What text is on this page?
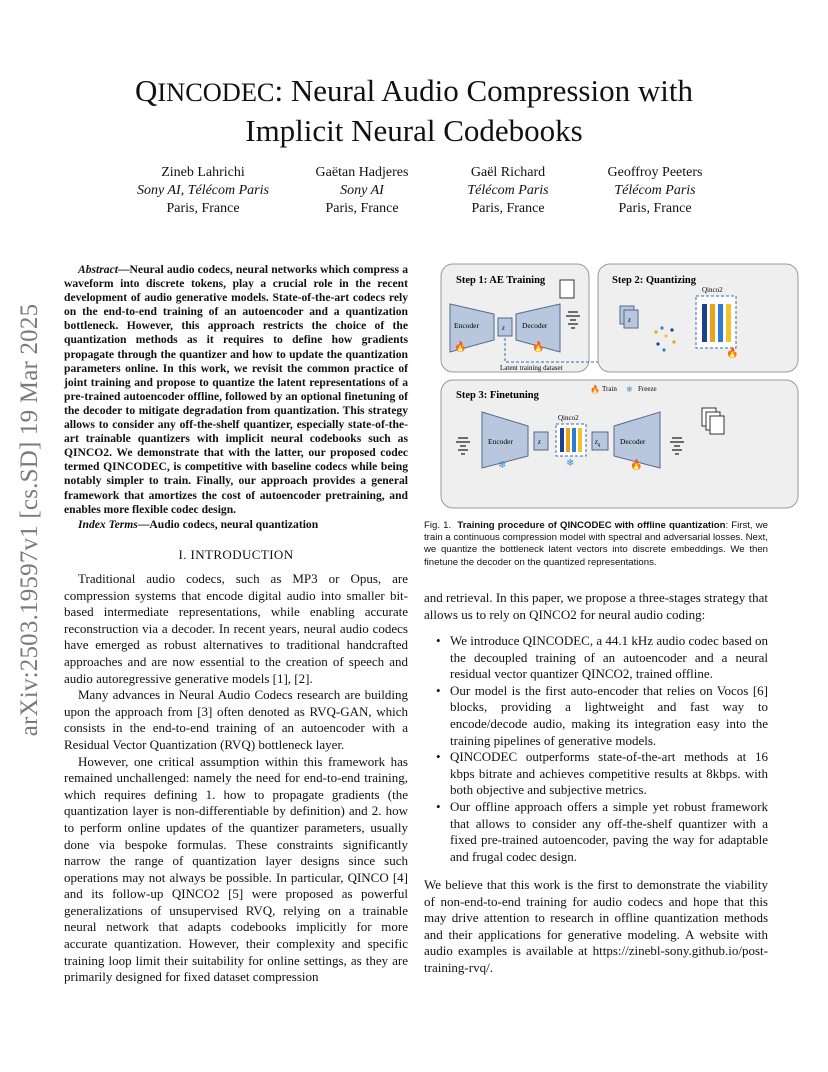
arXiv:2503.19597v1 [cs.SD] 19 Mar 2025
QINCODEC: Neural Audio Compression with
Implicit Neural Codebooks
Zineb Lahrichi
Sony AI, Télécom Paris
Paris, France
Gaëtan Hadjeres
Sony AI
Paris, France
Gaël Richard
Télécom Paris
Paris, France
Geoffroy Peeters
Télécom Paris
Paris, France
Abstract—Neural audio codecs, neural networks which compress a waveform into discrete tokens, play a crucial role in the recent development of audio generative models. State-of-the-art codecs rely on the end-to-end training of an autoencoder and a quantization bottleneck. However, this approach restricts the choice of the quantization methods as it requires to define how gradients propagate through the quantizer and how to update the quantization parameters online. In this work, we revisit the common practice of joint training and propose to quantize the latent representations of a pre-trained autoencoder offline, followed by an optional finetuning of the decoder to mitigate degradation from quantization. This strategy allows to consider any off-the-shelf quantizer, especially state-of-the-art trainable quantizers with implicit neural codebooks such as QINCO2. We demonstrate that with the latter, our proposed codec termed QINCODEC, is competitive with baseline codecs while being notably simpler to train. Finally, our approach provides a general framework that amortizes the cost of autoencoder pretraining, and enables more flexible codec design.
Index Terms—Audio codecs, neural quantization
I. INTRODUCTION

Traditional audio codecs, such as MP3 or Opus, are compression systems that encode digital audio into smaller bit-based intermediate representations, while enabling accurate reconstruction via a decoder. In recent years, neural audio codecs have emerged as robust alternatives to traditional handcrafted approaches and are now essential to the creation of speech and audio autoregressive generative models [1], [2].

Many advances in Neural Audio Codecs research are building upon the approach from [3] often denoted as RVQ-GAN, which consists in the end-to-end training of an autoencoder with a Residual Vector Quantization (RVQ) bottleneck layer.

However, one critical assumption within this framework has remained unchallenged: namely the need for end-to-end training, which requires defining 1. how to propagate gradients (the quantization layer is non-differentiable by definition) and 2. how to perform online updates of the quantizer parameters, usually done via bespoke formulas. These constraints significantly narrow the range of quantization layer designs since such operations may not always be possible. In particular, QINCO [4] and its follow-up QINCO2 [5] were proposed as powerful generalizations of unsupervised RVQ, relying on a trainable neural network that adapts codebooks implicitly for more accurate quantization. However, their complexity and specific training loop limit their suitability for online settings, as they are primarily designed for fixed dataset compression

Step 1: AE Training
Encoder	z Decoder
🔥	🔥
Latent training dataset
Step 2: Quantizing
z
Qinco2
🔥
Step 3: Finetuning
🔥 Train ❄ Freeze
Encoder
❄
z
Qinco2
❄
$z_q$	Decoder
🔥
Fig. 1. Training procedure of QINCODEC with offline quantization: First, we train a continuous compression model with spectral and adversarial losses. Next, we quantize the bottleneck latent vectors into discrete embeddings. We then finetune the decoder on the quantized representations.

and retrieval. In this paper, we propose a three-stages strategy that allows us to rely on QINCO2 for neural audio coding:

• We introduce QINCODEC, a 44.1 kHz audio codec based on the decoupled training of an autoencoder and a neural residual vector quantizer QINCO2, trained offline.
• Our model is the first auto-encoder that relies on Vocos [6] blocks, providing a lightweight and fast way to encode/decode audio, making its integration easy into the training pipelines of generative models.
• QINCODEC outperforms state-of-the-art methods at 16 kbps bitrate and achieves competitive results at 8kbps. with both objective and subjective metrics.
• Our offline approach offers a simple yet robust framework that allows to consider any off-the-shelf quantizer with a fixed pre-trained autoencoder, paving the way for adaptable and frugal codec design.

We believe that this work is the first to demonstrate the viability of non-end-to-end training for audio codecs and hope that this may drive attention to research in offline quantization methods and their applications for generative modeling. A website with audio examples is available at https://zinebl-sony.github.io/post-training-rvq/.
